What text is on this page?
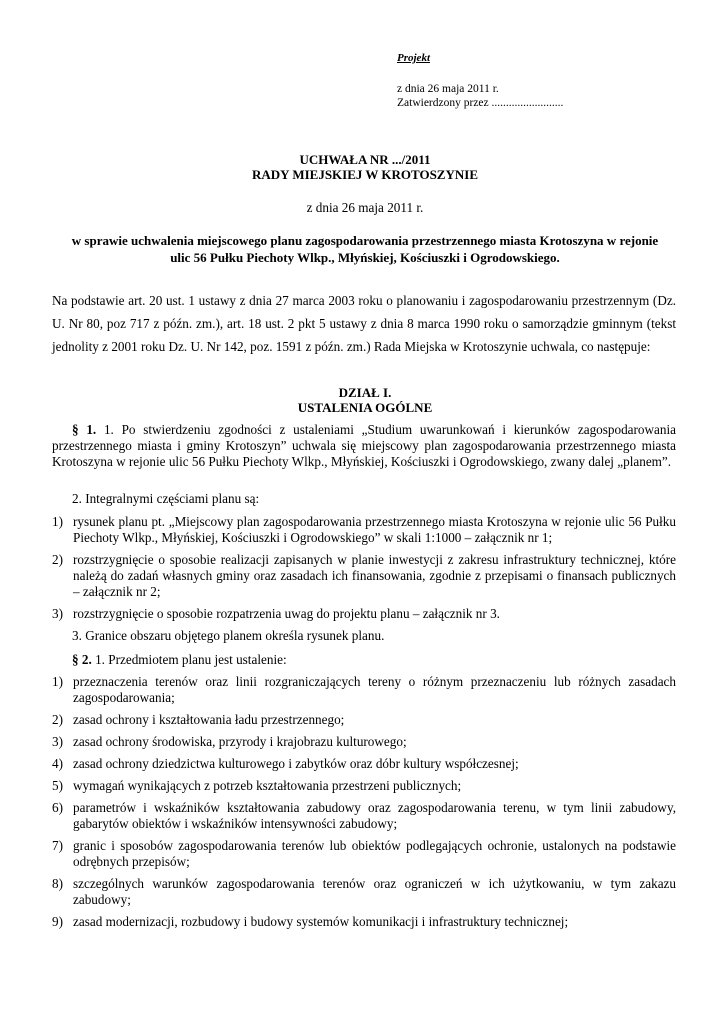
Projekt
z dnia 26 maja 2011 r.
Zatwierdzony przez .........................
UCHWAŁA NR .../2011
RADY MIEJSKIEJ W KROTOSZYNIE
z dnia 26 maja 2011 r.
w sprawie uchwalenia miejscowego planu zagospodarowania przestrzennego miasta Krotoszyna w rejonie
ulic 56 Pułku Piechoty Wlkp., Młyńskiej, Kościuszki i Ogrodowskiego.
Na podstawie art. 20 ust. 1 ustawy z dnia 27 marca 2003 roku o planowaniu i zagospodarowaniu przestrzennym (Dz. U. Nr 80, poz 717 z późn. zm.), art. 18 ust. 2 pkt 5 ustawy z dnia 8 marca 1990 roku o samorządzie gminnym (tekst jednolity z 2001 roku Dz. U. Nr 142, poz. 1591 z późn. zm.) Rada Miejska w Krotoszynie uchwala, co następuje:
DZIAŁ I.
USTALENIA OGÓLNE
§ 1. 1. Po stwierdzeniu zgodności z ustaleniami „Studium uwarunkowań i kierunków zagospodarowania przestrzennego miasta i gminy Krotoszyn” uchwala się miejscowy plan zagospodarowania przestrzennego miasta Krotoszyna w rejonie ulic 56 Pułku Piechoty Wlkp., Młyńskiej, Kościuszki i Ogrodowskiego, zwany dalej „planem”.
2. Integralnymi częściami planu są:
1) rysunek planu pt. „Miejscowy plan zagospodarowania przestrzennego miasta Krotoszyna w rejonie ulic 56 Pułku Piechoty Wlkp., Młyńskiej, Kościuszki i Ogrodowskiego” w skali 1:1000 – załącznik nr 1;
2) rozstrzygnięcie o sposobie realizacji zapisanych w planie inwestycji z zakresu infrastruktury technicznej, które należą do zadań własnych gminy oraz zasadach ich finansowania, zgodnie z przepisami o finansach publicznych – załącznik nr 2;
3) rozstrzygnięcie o sposobie rozpatrzenia uwag do projektu planu – załącznik nr 3.
3. Granice obszaru objętego planem określa rysunek planu.
§ 2. 1. Przedmiotem planu jest ustalenie:
1) przeznaczenia terenów oraz linii rozgraniczających tereny o różnym przeznaczeniu lub różnych zasadach zagospodarowania;
2) zasad ochrony i kształtowania ładu przestrzennego;
3) zasad ochrony środowiska, przyrody i krajobrazu kulturowego;
4) zasad ochrony dziedzictwa kulturowego i zabytków oraz dóbr kultury współczesnej;
5) wymagań wynikających z potrzeb kształtowania przestrzeni publicznych;
6) parametrów i wskaźników kształtowania zabudowy oraz zagospodarowania terenu, w tym linii zabudowy, gabarytów obiektów i wskaźników intensywności zabudowy;
7) granic i sposobów zagospodarowania terenów lub obiektów podlegających ochronie, ustalonych na podstawie odrębnych przepisów;
8) szczególnych warunków zagospodarowania terenów oraz ograniczeń w ich użytkowaniu, w tym zakazu zabudowy;
9) zasad modernizacji, rozbudowy i budowy systemów komunikacji i infrastruktury technicznej;
